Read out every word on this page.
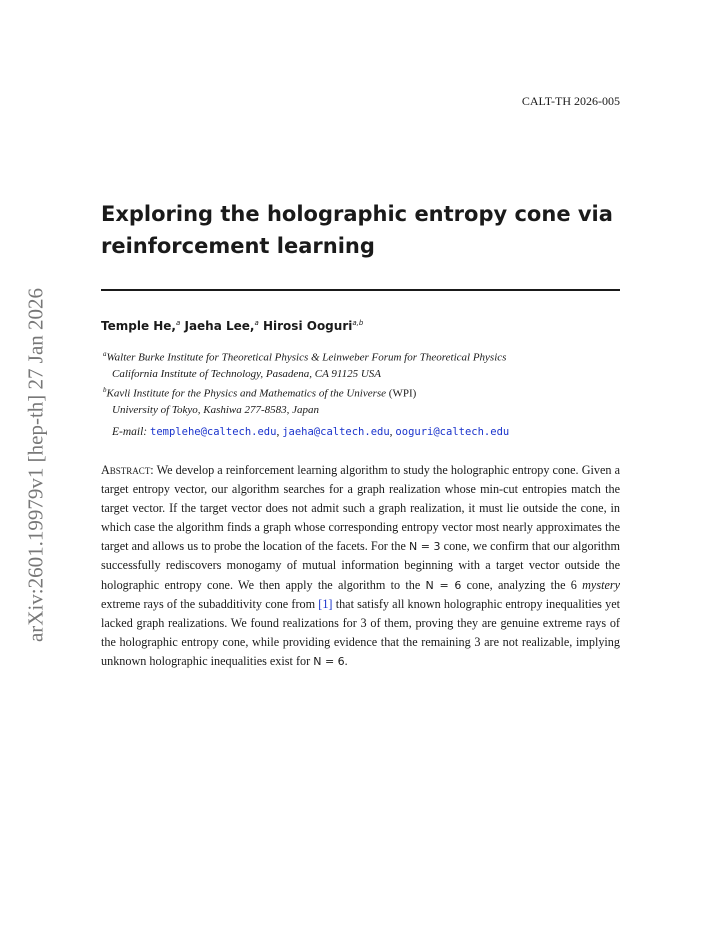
arXiv:2601.19979v1 [hep-th] 27 Jan 2026
CALT-TH 2026-005
Exploring the holographic entropy cone via reinforcement learning
Temple He,$^a$ Jaeha Lee,$^a$ Hirosi Ooguri$^{a,b}$
$^a$Walter Burke Institute for Theoretical Physics & Leinweber Forum for Theoretical Physics
California Institute of Technology, Pasadena, CA 91125 USA
$^b$Kavli Institute for the Physics and Mathematics of the Universe (WPI)
University of Tokyo, Kashiwa 277-8583, Japan
E-mail: templehe@caltech.edu, jaeha@caltech.edu, ooguri@caltech.edu

Abstract: We develop a reinforcement learning algorithm to study the holographic entropy cone. Given a target entropy vector, our algorithm searches for a graph realization whose min-cut entropies match the target vector. If the target vector does not admit such a graph realization, it must lie outside the cone, in which case the algorithm finds a graph whose corresponding entropy vector most nearly approximates the target and allows us to probe the location of the facets. For the N = 3 cone, we confirm that our algorithm successfully rediscovers monogamy of mutual information beginning with a target vector outside the holographic entropy cone. We then apply the algorithm to the N = 6 cone, analyzing the 6 mystery extreme rays of the subadditivity cone from [1] that satisfy all known holographic entropy inequalities yet lacked graph realizations. We found realizations for 3 of them, proving they are genuine extreme rays of the holographic entropy cone, while providing evidence that the remaining 3 are not realizable, implying unknown holographic inequalities exist for N = 6.
